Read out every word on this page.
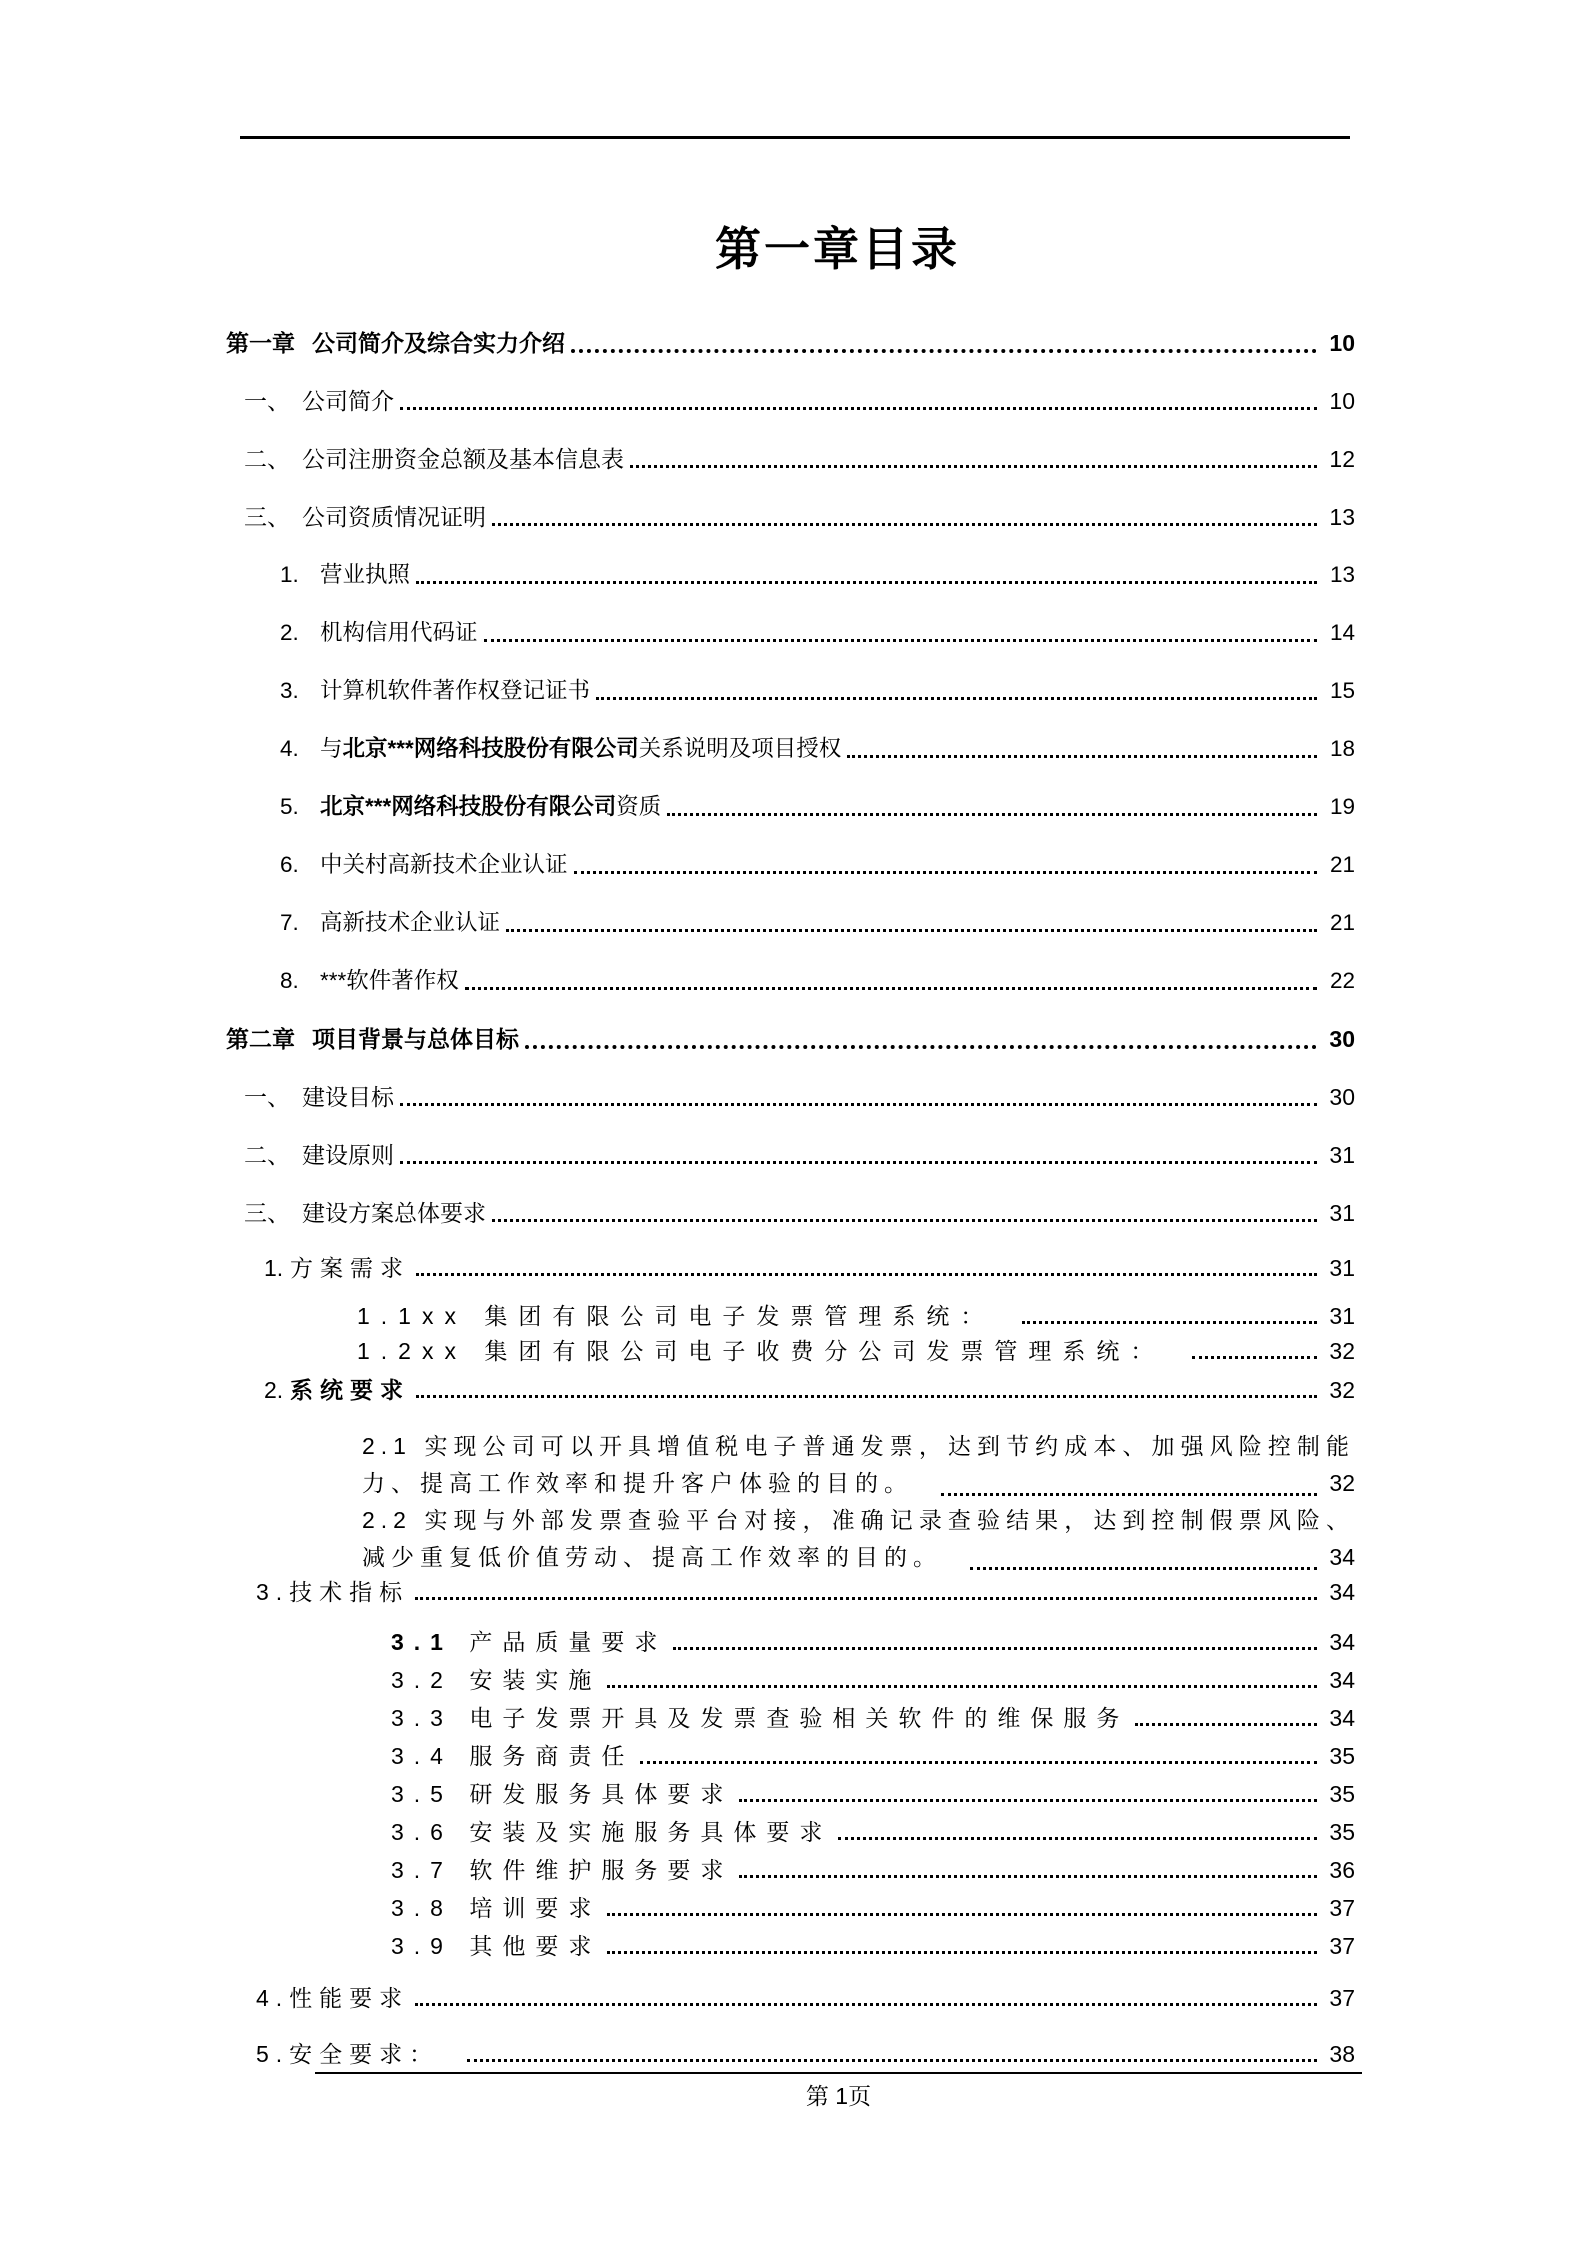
第一章目录
第一章 公司简介及综合实力介绍	10
一、 公司简介	10
二、 公司注册资金总额及基本信息表	12
三、 公司资质情况证明	13
1. 营业执照	13
2. 机构信用代码证	14
3. 计算机软件著作权登记证书	15
4. 与北京***网络科技股份有限公司关系说明及项目授权	18
5. 北京***网络科技股份有限公司资质	19
6. 中关村高新技术企业认证	21
7. 高新技术企业认证	21
8. ***软件著作权	22
第二章 项目背景与总体目标	30
一、 建设目标	30
二、 建设原则	31
三、 建设方案总体要求	31
1. 方案需求	31
1.1xx 集团有限公司电子发票管理系统：	31
1.2xx 集团有限公司电子收费分公司发票管理系统：	32
2. 系统要求	32
2.1 实现公司可以开具增值税电子普通发票，达到节约成本、加强风险控制能
力、提高工作效率和提升客户体验的目的。	32
2.2 实现与外部发票查验平台对接，准确记录查验结果，达到控制假票风险、
减少重复低价值劳动、提高工作效率的目的。	34
3.技术指标	34
3.1 产品质量要求	34
3.2 安装实施	34
3.3 电子发票开具及发票查验相关软件的维保服务	34
3.4 服务商责任	35
3.5 研发服务具体要求	35
3.6 安装及实施服务具体要求	35
3.7 软件维护服务要求	36
3.8 培训要求	37
3.9 其他要求	37
4.性能要求	37
5.安全要求：	38
第 1页
